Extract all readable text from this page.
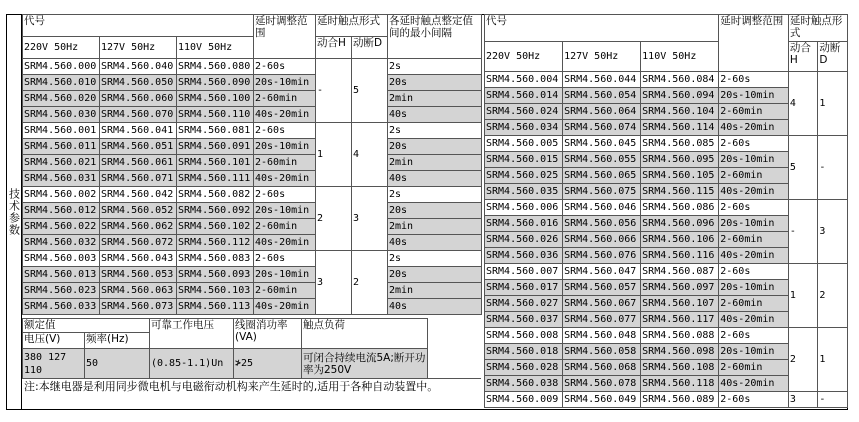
技术参数
代号			延时调整范围	延时触点形式		各延时触点整定值间的最小间隔
220V 50Hz	127V 50Hz	110V 50Hz		动合H	动断D	
SRM4.560.000	SRM4.560.040	SRM4.560.080	2-60s	-	5	2s
SRM4.560.010	SRM4.560.050	SRM4.560.090	20s-10min			20s
SRM4.560.020	SRM4.560.060	SRM4.560.100	2-60min			2min
SRM4.560.030	SRM4.560.070	SRM4.560.110	40s-20min			40s
SRM4.560.001	SRM4.560.041	SRM4.560.081	2-60s	1	4	2s
SRM4.560.011	SRM4.560.051	SRM4.560.091	20s-10min			20s
SRM4.560.021	SRM4.560.061	SRM4.560.101	2-60min			2min
SRM4.560.031	SRM4.560.071	SRM4.560.111	40s-20min			40s
SRM4.560.002	SRM4.560.042	SRM4.560.082	2-60s	2	3	2s
SRM4.560.012	SRM4.560.052	SRM4.560.092	20s-10min			20s
SRM4.560.022	SRM4.560.062	SRM4.560.102	2-60min			2min
SRM4.560.032	SRM4.560.072	SRM4.560.112	40s-20min			40s
SRM4.560.003	SRM4.560.043	SRM4.560.083	2-60s	3	2	2s
SRM4.560.013	SRM4.560.053	SRM4.560.093	20s-10min			20s
SRM4.560.023	SRM4.560.063	SRM4.560.103	2-60min			2min
SRM4.560.033	SRM4.560.073	SRM4.560.113	40s-20min			40s
代号			延时调整范围	延时触点形式	
220V 50Hz	127V 50Hz	110V 50Hz		动合H	动断D
SRM4.560.004	SRM4.560.044	SRM4.560.084	2-60s	4	1
SRM4.560.014	SRM4.560.054	SRM4.560.094	20s-10min		
SRM4.560.024	SRM4.560.064	SRM4.560.104	2-60min		
SRM4.560.034	SRM4.560.074	SRM4.560.114	40s-20min		
SRM4.560.005	SRM4.560.045	SRM4.560.085	2-60s	5	-
SRM4.560.015	SRM4.560.055	SRM4.560.095	20s-10min		
SRM4.560.025	SRM4.560.065	SRM4.560.105	2-60min		
SRM4.560.035	SRM4.560.075	SRM4.560.115	40s-20min		
SRM4.560.006	SRM4.560.046	SRM4.560.086	2-60s	-	3
SRM4.560.016	SRM4.560.056	SRM4.560.096	20s-10min		
SRM4.560.026	SRM4.560.066	SRM4.560.106	2-60min		
SRM4.560.036	SRM4.560.076	SRM4.560.116	40s-20min		
SRM4.560.007	SRM4.560.047	SRM4.560.087	2-60s	1	2
SRM4.560.017	SRM4.560.057	SRM4.560.097	20s-10min		
SRM4.560.027	SRM4.560.067	SRM4.560.107	2-60min		
SRM4.560.037	SRM4.560.077	SRM4.560.117	40s-20min		
SRM4.560.008	SRM4.560.048	SRM4.560.088	2-60s	2	1
SRM4.560.018	SRM4.560.058	SRM4.560.098	20s-10min		
SRM4.560.028	SRM4.560.068	SRM4.560.108	2-60min		
SRM4.560.038	SRM4.560.078	SRM4.560.118	40s-20min		
SRM4.560.009	SRM4.560.049	SRM4.560.089	2-60s	3	-
额定值		可靠工作电压	线圈消功率(VA)	触点负荷
电压(V)	频率(Hz)			
380 127 110	50	(0.85-1.1)Un	≯25	可闭合持续电流5A;断开功率为250V
注:本继电器是利用同步微电机与电磁衔动机构来产生延时的,适用于各种自动装置中。
